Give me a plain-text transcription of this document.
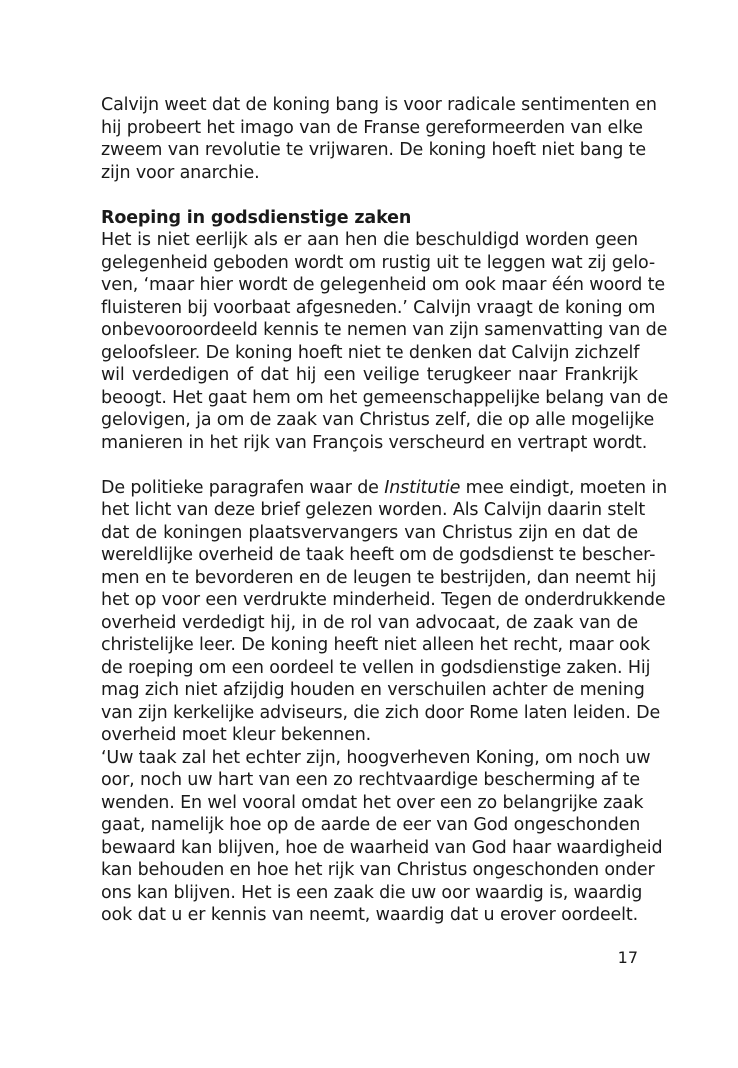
Calvijn weet dat de koning bang is voor radicale sentimenten en
hij probeert het imago van de Franse gereformeerden van elke
zweem van revolutie te vrijwaren. De koning hoeft niet bang te
zijn voor anarchie.
Roeping in godsdienstige zaken
Het is niet eerlijk als er aan hen die beschuldigd worden geen
gelegenheid geboden wordt om rustig uit te leggen wat zij gelo-
ven, ‘maar hier wordt de gelegenheid om ook maar één woord te
fluisteren bij voorbaat afgesneden.’ Calvijn vraagt de koning om
onbevooroordeeld kennis te nemen van zijn samenvatting van de
geloofsleer. De koning hoeft niet te denken dat Calvijn zichzelf
wil verdedigen of dat hij een veilige terugkeer naar Frankrijk
beoogt. Het gaat hem om het gemeenschappelijke belang van de
gelovigen, ja om de zaak van Christus zelf, die op alle mogelijke
manieren in het rijk van François verscheurd en vertrapt wordt.
De politieke paragrafen waar de Institutie mee eindigt, moeten in
het licht van deze brief gelezen worden. Als Calvijn daarin stelt
dat de koningen plaatsvervangers van Christus zijn en dat de
wereldlijke overheid de taak heeft om de godsdienst te bescher-
men en te bevorderen en de leugen te bestrijden, dan neemt hij
het op voor een verdrukte minderheid. Tegen de onderdrukkende
overheid verdedigt hij, in de rol van advocaat, de zaak van de
christelijke leer. De koning heeft niet alleen het recht, maar ook
de roeping om een oordeel te vellen in godsdienstige zaken. Hij
mag zich niet afzijdig houden en verschuilen achter de mening
van zijn kerkelijke adviseurs, die zich door Rome laten leiden. De
overheid moet kleur bekennen.
‘Uw taak zal het echter zijn, hoogverheven Koning, om noch uw
oor, noch uw hart van een zo rechtvaardige bescherming af te
wenden. En wel vooral omdat het over een zo belangrijke zaak
gaat, namelijk hoe op de aarde de eer van God ongeschonden
bewaard kan blijven, hoe de waarheid van God haar waardigheid
kan behouden en hoe het rijk van Christus ongeschonden onder
ons kan blijven. Het is een zaak die uw oor waardig is, waardig
ook dat u er kennis van neemt, waardig dat u erover oordeelt.
17
